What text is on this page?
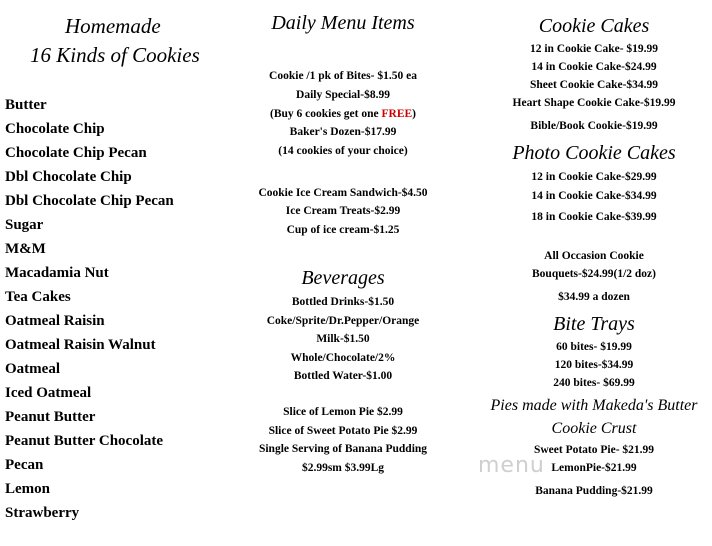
Homemade
16 Kinds of Cookies
Butter
Chocolate Chip
Chocolate Chip Pecan
Dbl Chocolate Chip
Dbl Chocolate Chip Pecan
Sugar
M&M
Macadamia Nut
Tea Cakes
Oatmeal Raisin
Oatmeal Raisin Walnut
Oatmeal
Iced Oatmeal
Peanut Butter
Peanut Butter Chocolate
Pecan
Lemon
Strawberry
Daily Menu Items
Cookie /1 pk of Bites- $1.50 ea
Daily Special-$8.99
(Buy 6 cookies get one FREE)
Baker's Dozen-$17.99
(14 cookies of your choice)
Cookie Ice Cream Sandwich-$4.50
Ice Cream Treats-$2.99
Cup of ice cream-$1.25
Beverages
Bottled Drinks-$1.50
Coke/Sprite/Dr.Pepper/Orange
Milk-$1.50
Whole/Chocolate/2%
Bottled Water-$1.00
Slice of Lemon Pie $2.99
Slice of Sweet Potato Pie $2.99
Single Serving of Banana Pudding
$2.99sm $3.99Lg
Cookie Cakes
12 in Cookie Cake- $19.99
14 in Cookie Cake-$24.99
Sheet Cookie Cake-$34.99
Heart Shape Cookie Cake-$19.99
Bible/Book Cookie-$19.99
Photo Cookie Cakes
12 in Cookie Cake-$29.99
14 in Cookie Cake-$34.99
18 in Cookie Cake-$39.99
All Occasion Cookie
Bouquets-$24.99(1/2 doz)
$34.99 a dozen
Bite Trays
60 bites- $19.99
120 bites-$34.99
240 bites- $69.99
Pies made with Makeda's Butter
Cookie Crust
Sweet Potato Pie- $21.99
LemonPie-$21.99
Banana Pudding-$21.99
menu
